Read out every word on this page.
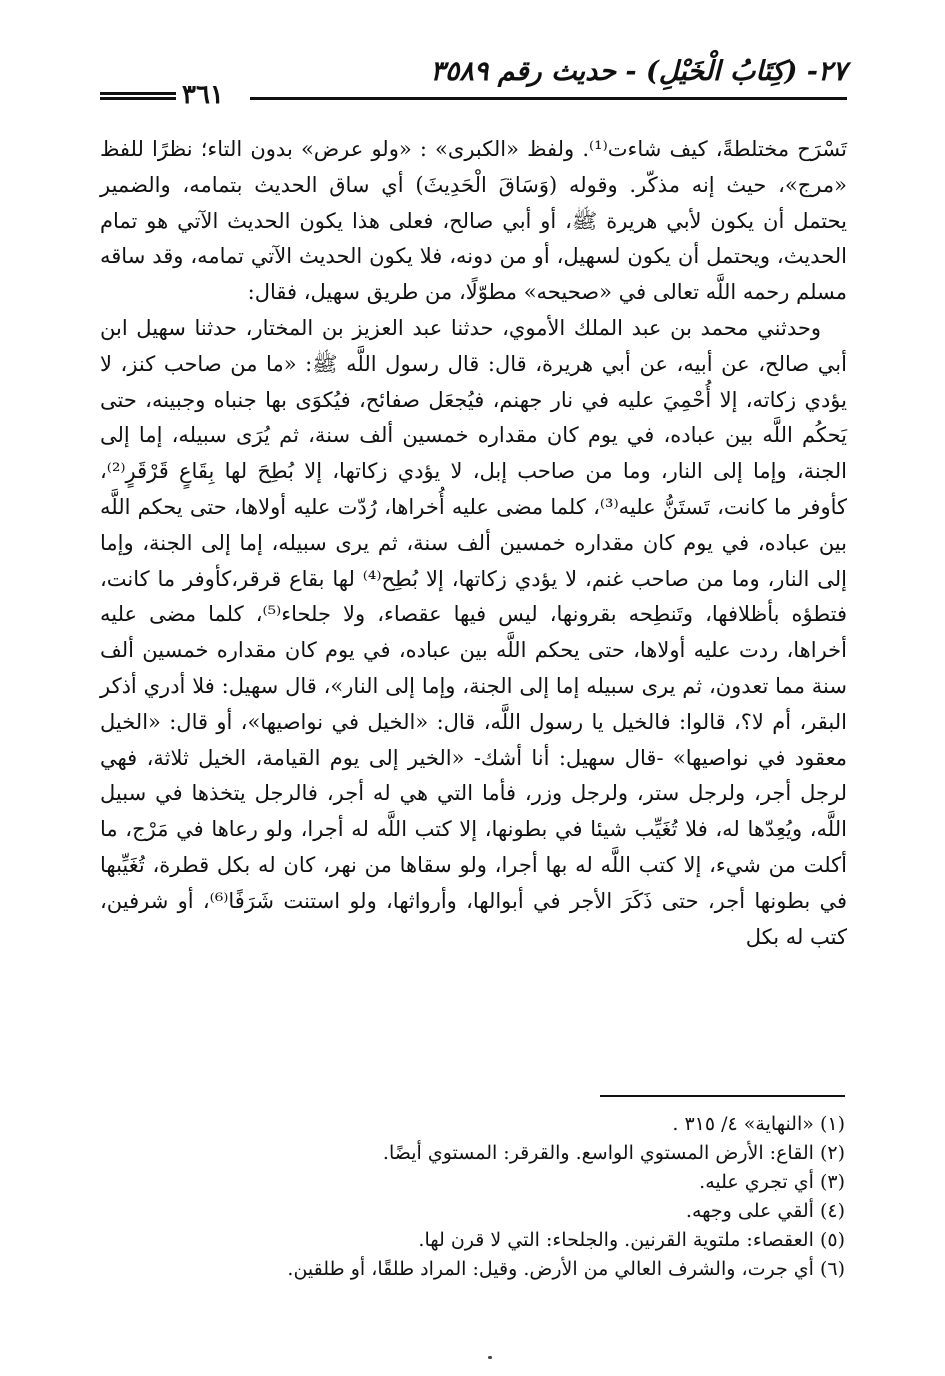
٢٧- (كِتَابُ الْخَيْلِ) - حديث رقم ٣٥٨٩
٣٦١

تَسْرَح مختلطةً، كيف شاءت⁽¹⁾. ولفظ «الكبرى» : «ولو عرض» بدون التاء؛ نظرًا للفظ «مرج»، حيث إنه مذكّر. وقوله (وَسَاقَ الْحَدِيثَ) أي ساق الحديث بتمامه، والضمير يحتمل أن يكون لأبي هريرة ﷺ، أو أبي صالح، فعلى هذا يكون الحديث الآتي هو تمام الحديث، ويحتمل أن يكون لسهيل، أو من دونه، فلا يكون الحديث الآتي تمامه، وقد ساقه مسلم رحمه اللَّه تعالى في «صحيحه» مطوّلًا، من طريق سهيل، فقال:

وحدثني محمد بن عبد الملك الأموي، حدثنا عبد العزيز بن المختار، حدثنا سهيل ابن أبي صالح، عن أبيه، عن أبي هريرة، قال: قال رسول اللَّه ﷺ: «ما من صاحب كنز، لا يؤدي زكاته، إلا أُحْمِيَ عليه في نار جهنم، فيُجعَل صفائح، فيُكوَى بها جنباه وجبينه، حتى يَحكُم اللَّه بين عباده، في يوم كان مقداره خمسين ألف سنة، ثم يُرَى سبيله، إما إلى الجنة، وإما إلى النار، وما من صاحب إبل، لا يؤدي زكاتها، إلا بُطِحَ لها بِقَاعٍ قَرْقَرٍ⁽²⁾، كأوفر ما كانت، تَستَنُّ عليه⁽³⁾، كلما مضى عليه أُخراها، رُدّت عليه أولاها، حتى يحكم اللَّه بين عباده، في يوم كان مقداره خمسين ألف سنة، ثم يرى سبيله، إما إلى الجنة، وإما إلى النار، وما من صاحب غنم، لا يؤدي زكاتها، إلا بُطِح⁽⁴⁾ لها بقاع قرقر،كأوفر ما كانت، فتطؤه بأظلافها، وتَنطِحه بقرونها، ليس فيها عقصاء، ولا جلحاء⁽⁵⁾، كلما مضى عليه أخراها، ردت عليه أولاها، حتى يحكم اللَّه بين عباده، في يوم كان مقداره خمسين ألف سنة مما تعدون، ثم يرى سبيله إما إلى الجنة، وإما إلى النار»، قال سهيل: فلا أدري أذكر البقر، أم لا؟، قالوا: فالخيل يا رسول اللَّه، قال: «الخيل في نواصيها»، أو قال: «الخيل معقود في نواصيها» -قال سهيل: أنا أشك- «الخير إلى يوم القيامة، الخيل ثلاثة، فهي لرجل أجر، ولرجل ستر، ولرجل وزر، فأما التي هي له أجر، فالرجل يتخذها في سبيل اللَّه، ويُعِدّها له، فلا تُغَيِّب شيئا في بطونها، إلا كتب اللَّه له أجرا، ولو رعاها في مَرْج، ما أكلت من شيء، إلا كتب اللَّه له بها أجرا، ولو سقاها من نهر، كان له بكل قطرة، تُغَيِّبها في بطونها أجر، حتى ذَكَرَ الأجر في أبوالها، وأرواثها، ولو استنت شَرَفًا⁽⁶⁾، أو شرفين، كتب له بكل

(١) «النهاية» ٤/ ٣١٥ .
(٢) القاع: الأرض المستوي الواسع. والقرقر: المستوي أيضًا.
(٣) أي تجري عليه.
(٤) ألقي على وجهه.
(٥) العقصاء: ملتوية القرنين. والجلحاء: التي لا قرن لها.
(٦) أي جرت، والشرف العالي من الأرض. وقيل: المراد طلقًا، أو طلقين.
